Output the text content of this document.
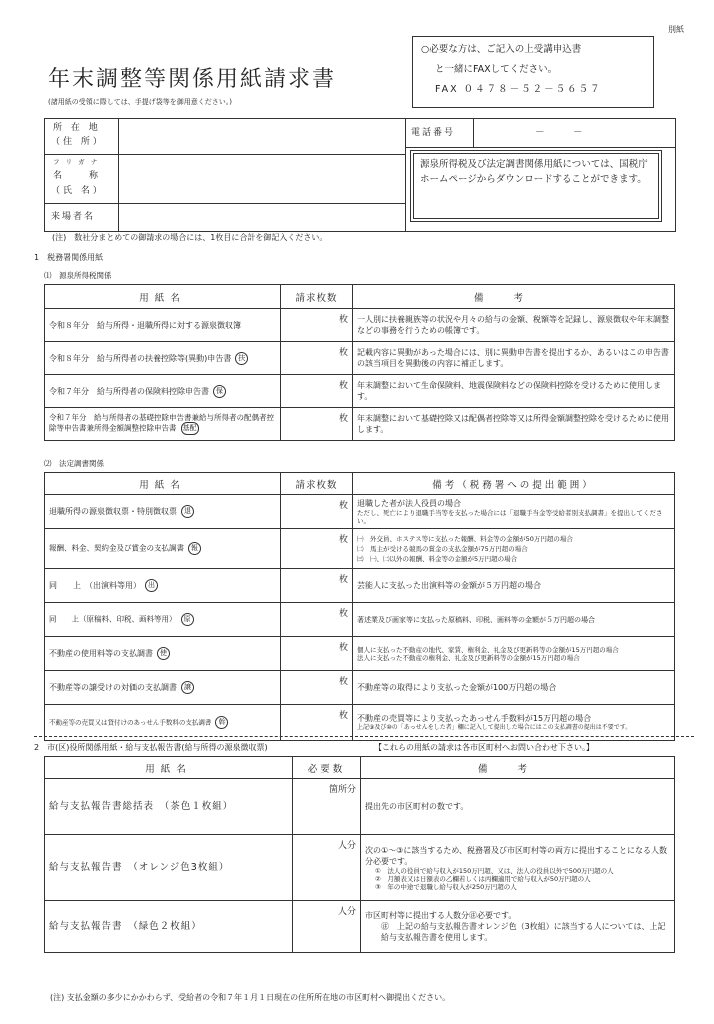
別紙
年末調整等関係用紙請求書
(諸用紙の受領に際しては、手提げ袋等を御用意ください。)
○必要な方は、ご記入の上受講申込書
と一緒にFAXしてください。
FAX ０４７８－５２－５６５７
所 在 地
（住 所）
フ リ ガ ナ
名　　称
（氏 名）
来場者名
電話番号	－　　　－
源泉所得税及び法定調書関係用紙については、国税庁ホームページからダウンロードすることができます。
(注)　数社分まとめての御請求の場合には、1枚目に合計を御記入ください。
1　税務署関係用紙
⑴　源泉所得税関係
用紙名	請求枚数	備考
令和８年分　給与所得・退職所得に対する源泉徴収簿	枚	一人別に扶養親族等の状況や月々の給与の金額、税額等を記録し、源泉徴収や年末調整などの事務を行うための帳簿です。
令和８年分　給与所得者の扶養控除等(異動)申告書 扶	枚	記載内容に異動があった場合には、別に異動申告書を提出するか、あるいはこの申告書の該当項目を異動後の内容に補正します。
令和７年分　給与所得者の保険料控除申告書 保	枚	年末調整において生命保険料、地震保険料などの保険料控除を受けるために使用します。
令和７年分　給与所得者の基礎控除申告書兼給与所得者の配偶者控除等申告書兼所得金額調整控除申告書 基配	枚	年末調整において基礎控除又は配偶者控除等又は所得金額調整控除を受けるために使用します。
⑵　法定調書関係
用紙名	請求枚数	備考（税務署への提出範囲）
退職所得の源泉徴収票・特別徴収票 退	枚	退職した者が法人役員の場合
ただし、死亡により退職手当等を支払った場合には「退職手当金等受給者別支払調書」を提出してください。

報酬、料金、契約金及び賞金の支払調書 報	枚	㈠　外交員、ホステス等に支払った報酬、料金等の金額が50万円超の場合
㈡　馬主が受ける競馬の賞金の支払金額が75万円超の場合
㈢　㈠、㈡以外の報酬、料金等の金額が5万円超の場合

同　　上　（出演料等用） 出	枚	芸能人に支払った出演料等の金額が５万円超の場合
同　　上（原稿料、印税、画料等用） 原	枚	著述業及び画家等に支払った原稿料、印税、画料等の金額が５万円超の場合
不動産の使用料等の支払調書 使	枚	個人に支払った不動産の地代、家賃、権利金、礼金及び更新料等の金額が15万円超の場合
法人に支払った不動産の権利金、礼金及び更新料等の金額が15万円超の場合

不動産等の譲受けの対価の支払調書 譲	枚	不動産等の取得により支払った金額が100万円超の場合
不動産等の売買又は貸付けのあっせん手数料の支払調書 斡	枚	不動産の売買等により支払ったあっせん手数料が15万円超の場合
上記⑨及び⑩の「あっせんをした者」欄に記入して提出した場合にはこの支払調書の提出は不要です。
2　市(区)役所関係用紙・給与支払報告書(給与所得の源泉徴収票)	【これらの用紙の請求は各市区町村へお問い合わせ下さい。】
用紙名	必要数	備考
給与支払報告書総括表　（茶色１枚組）	箇所分	提出先の市区町村の数です。
給与支払報告書　（オレンジ色3枚組）	人分	次の①～③に該当するため、税務署及び市区町村等の両方に提出することになる人数分必要です。
①　法人の役員で給与収入が150万円超、又は、法人の役員以外で500万円超の人
②　月額表又は日額表の乙欄若しくは丙欄適用で給与収入が50万円超の人
③　年の中途で退職し給与収入が250万円超の人

給与支払報告書　（緑色２枚組）	人分	市区町村等に提出する人数分㊟必要です。
㊟　上記の給与支払報告書オレンジ色（3枚組）に該当する人については、上記給与支払報告書を使用します。
(注) 支払金額の多少にかかわらず、受給者の令和７年１月１日現在の住所所在地の市区町村へ御提出ください。
